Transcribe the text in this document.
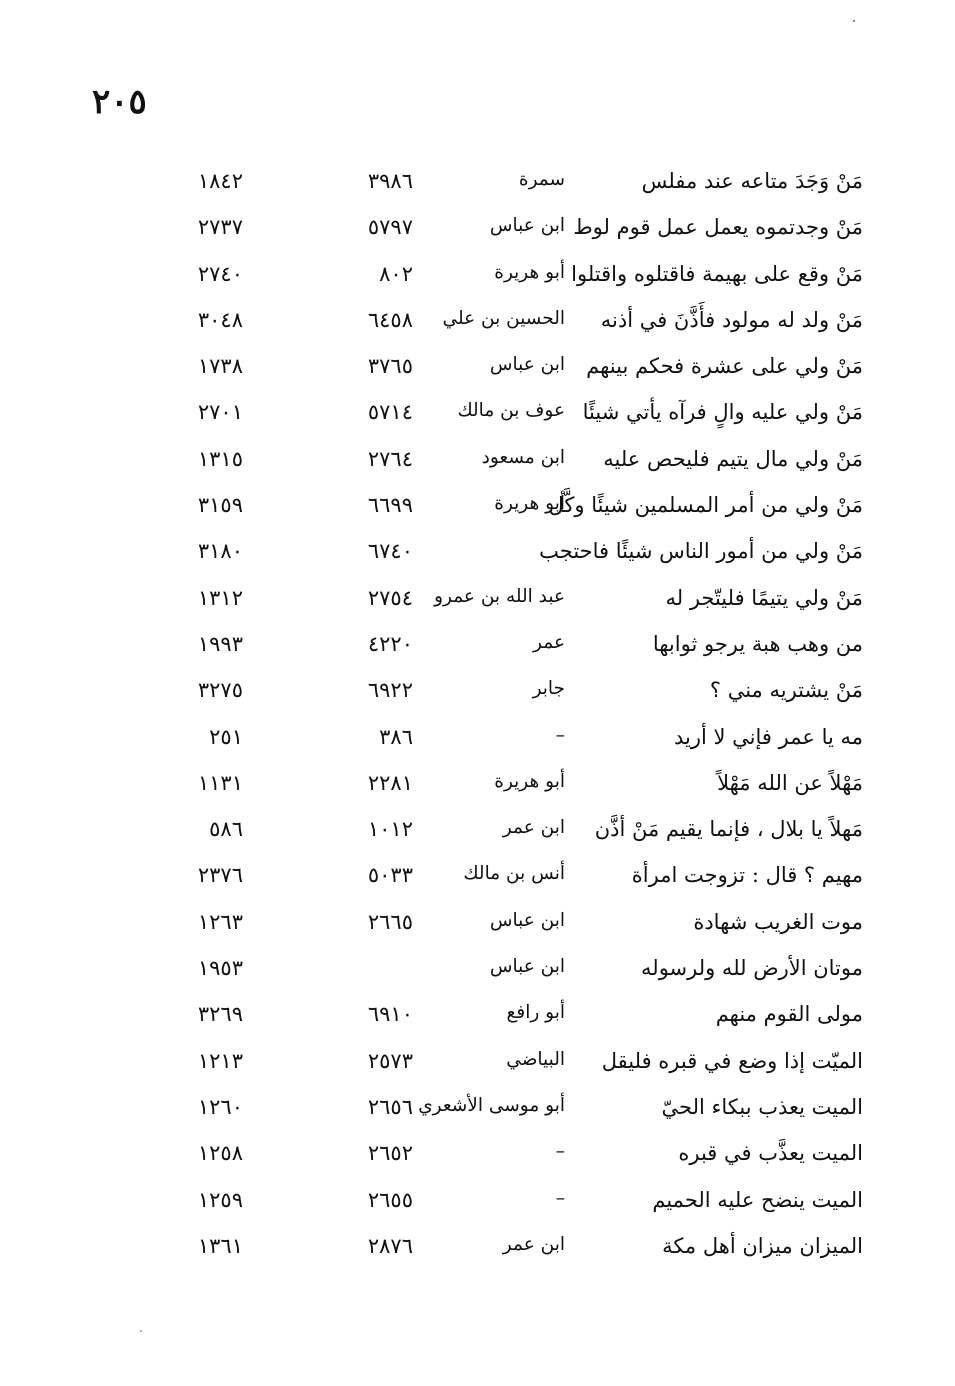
٢٠٥
مَنْ وَجَدَ متاعه عند مفلس
سمرة
٣٩٨٦
١٨٤٢
مَنْ وجدتموه يعمل عمل قوم لوط
ابن عباس
٥٧٩٧
٢٧٣٧
مَنْ وقع على بهيمة فاقتلوه واقتلوا
أبو هريرة
٨٠٢
٢٧٤٠
مَنْ ولد له مولود فأَذَّنَ في أذنه
الحسين بن علي
٦٤٥٨
٣٠٤٨
مَنْ ولي على عشرة فحكم بينهم
ابن عباس
٣٧٦٥
١٧٣٨
مَنْ ولي عليه والٍ فرآه يأتي شيئًا
عوف بن مالك
٥٧١٤
٢٧٠١
مَنْ ولي مال يتيم فليحص عليه
ابن مسعود
٢٧٦٤
١٣١٥
مَنْ ولي من أمر المسلمين شيئًا وكَّل
أبو هريرة
٦٦٩٩
٣١٥٩
مَنْ ولي من أمور الناس شيئًا فاحتجب
٦٧٤٠
٣١٨٠
مَنْ ولي يتيمًا فليتّجر له
عبد الله بن عمرو
٢٧٥٤
١٣١٢
من وهب هبة يرجو ثوابها
عمر
٤٢٢٠
١٩٩٣
مَنْ يشتريه مني ؟
جابر
٦٩٢٢
٣٢٧٥
مه يا عمر فإني لا أريد
–
٣٨٦
٢٥١
مَهْلاً عن الله مَهْلاً
أبو هريرة
٢٢٨١
١١٣١
مَهلاً يا بلال ، فإنما يقيم مَنْ أذَّن
ابن عمر
١٠١٢
٥٨٦
مهيم ؟ قال : تزوجت امرأة
أنس بن مالك
٥٠٣٣
٢٣٧٦
موت الغريب شهادة
ابن عباس
٢٦٦٥
١٢٦٣
موتان الأرض لله ولرسوله
ابن عباس
١٩٥٣
مولى القوم منهم
أبو رافع
٦٩١٠
٣٢٦٩
الميّت إذا وضع في قبره فليقل
البياضي
٢٥٧٣
١٢١٣
الميت يعذب ببكاء الحيّ
أبو موسى الأشعري
٢٦٥٦
١٢٦٠
الميت يعذَّب في قبره
–
٢٦٥٢
١٢٥٨
الميت ينضح عليه الحميم
–
٢٦٥٥
١٢٥٩
الميزان ميزان أهل مكة
ابن عمر
٢٨٧٦
١٣٦١
